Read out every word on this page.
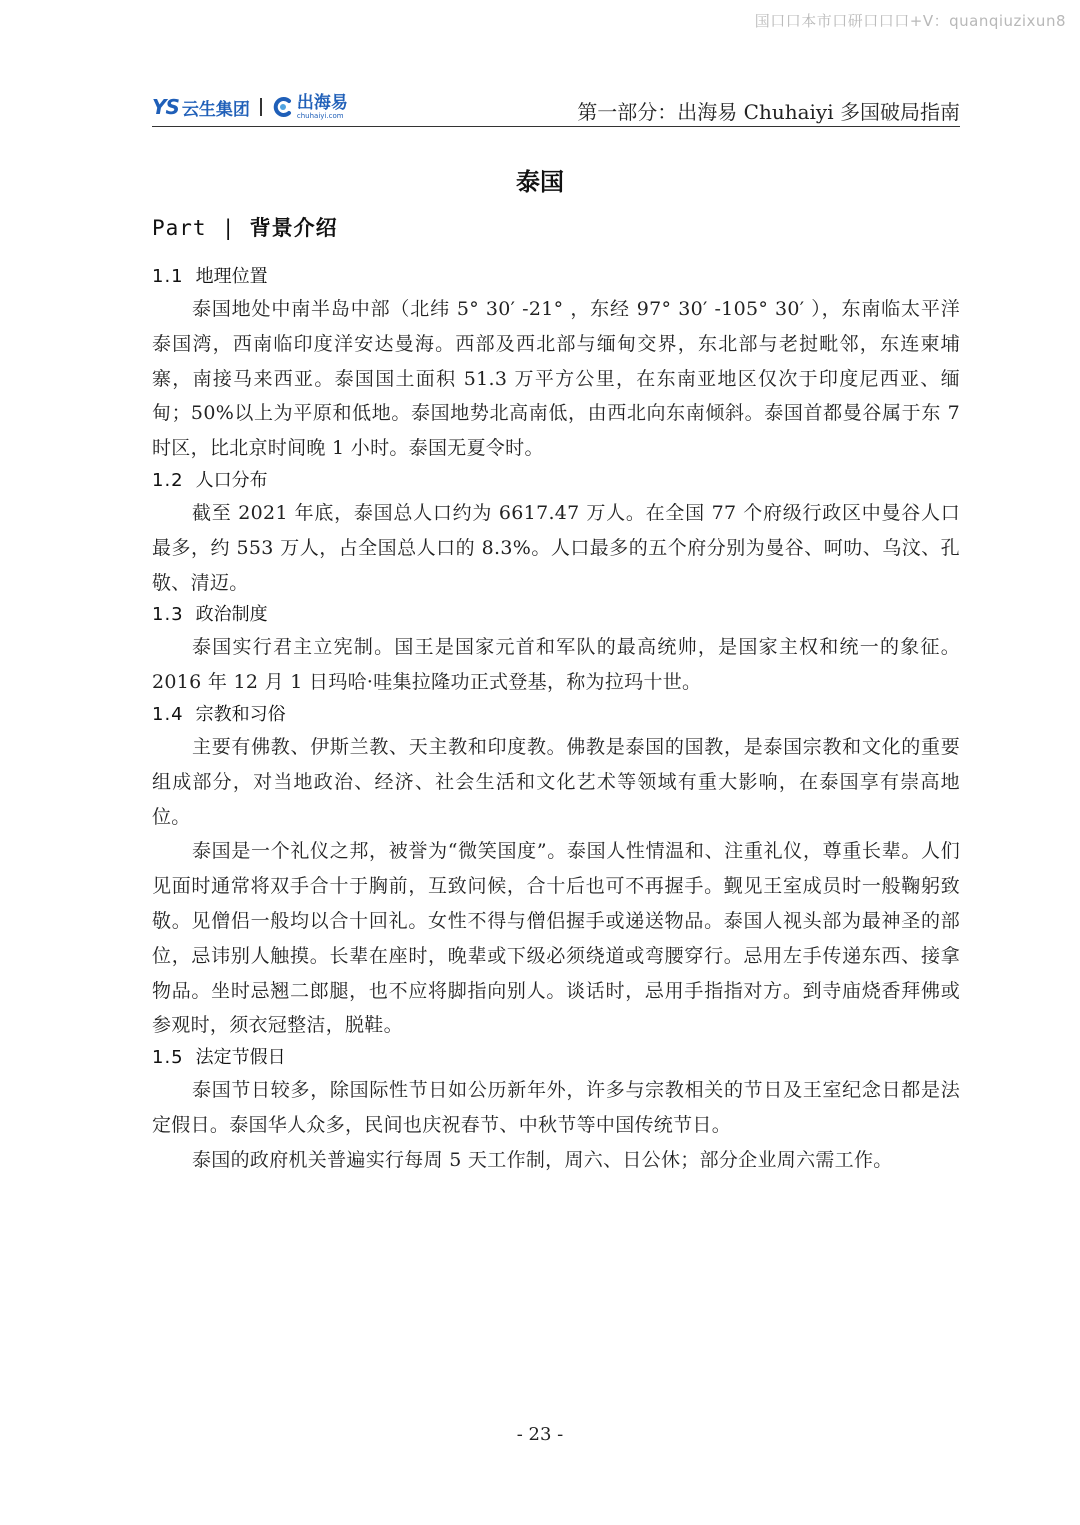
国口口本市口研口口口+V：quanqiuzixun8
YS 云生集团	出海易
chuhaiyi.com	第一部分：出海易 Chuhaiyi 多国破局指南
泰国
Part | 背景介绍
1.1 地理位置

泰国地处中南半岛中部（北纬 5° 30′ -21° ，东经 97° 30′ -105° 30′ ），东南临太平洋泰国湾，西南临印度洋安达曼海。西部及西北部与缅甸交界，东北部与老挝毗邻，东连柬埔寨，南接马来西亚。泰国国土面积 51.3 万平方公里，在东南亚地区仅次于印度尼西亚、缅甸；50%以上为平原和低地。泰国地势北高南低，由西北向东南倾斜。泰国首都曼谷属于东 7 时区，比北京时间晚 1 小时。泰国无夏令时。

1.2 人口分布

截至 2021 年底，泰国总人口约为 6617.47 万人。在全国 77 个府级行政区中曼谷人口最多，约 553 万人，占全国总人口的 8.3%。人口最多的五个府分别为曼谷、呵叻、乌汶、孔敬、清迈。

1.3 政治制度

泰国实行君主立宪制。国王是国家元首和军队的最高统帅，是国家主权和统一的象征。2016 年 12 月 1 日玛哈·哇集拉隆功正式登基，称为拉玛十世。

1.4 宗教和习俗

主要有佛教、伊斯兰教、天主教和印度教。佛教是泰国的国教，是泰国宗教和文化的重要组成部分，对当地政治、经济、社会生活和文化艺术等领域有重大影响，在泰国享有崇高地位。

泰国是一个礼仪之邦，被誉为“微笑国度”。泰国人性情温和、注重礼仪，尊重长辈。人们见面时通常将双手合十于胸前，互致问候，合十后也可不再握手。觐见王室成员时一般鞠躬致敬。见僧侣一般均以合十回礼。女性不得与僧侣握手或递送物品。泰国人视头部为最神圣的部位，忌讳别人触摸。长辈在座时，晚辈或下级必须绕道或弯腰穿行。忌用左手传递东西、接拿物品。坐时忌翘二郎腿，也不应将脚指向别人。谈话时，忌用手指指对方。到寺庙烧香拜佛或参观时，须衣冠整洁，脱鞋。

1.5 法定节假日

泰国节日较多，除国际性节日如公历新年外，许多与宗教相关的节日及王室纪念日都是法定假日。泰国华人众多，民间也庆祝春节、中秋节等中国传统节日。

泰国的政府机关普遍实行每周 5 天工作制，周六、日公休；部分企业周六需工作。

- 23 -
